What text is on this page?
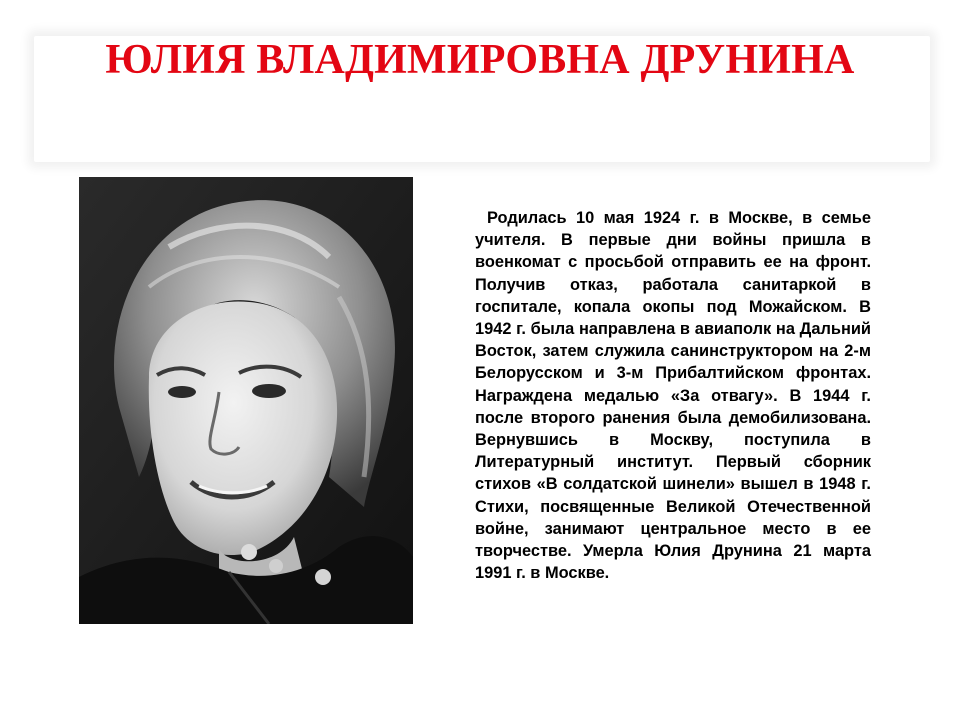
ЮЛИЯ ВЛАДИМИРОВНА ДРУНИНА

Родилась 10 мая 1924 г. в Москве, в семье учителя. В первые дни войны пришла в военкомат с просьбой отправить ее на фронт. Получив отказ, работала санитаркой в госпитале, копала окопы под Можайском. В 1942 г. была направлена в авиаполк на Дальний Восток, затем служила санинструктором на 2-м Белорусском и 3-м Прибалтийском фронтах. Награждена медалью «За отвагу». В 1944 г. после второго ранения была демобилизована. Вернувшись в Москву, поступила в Литературный институт. Первый сборник стихов «В солдатской шинели» вышел в 1948 г. Стихи, посвященные Великой Отечественной войне, занимают центральное место в ее творчестве. Умерла Юлия Друнина 21 марта 1991 г. в Москве.
